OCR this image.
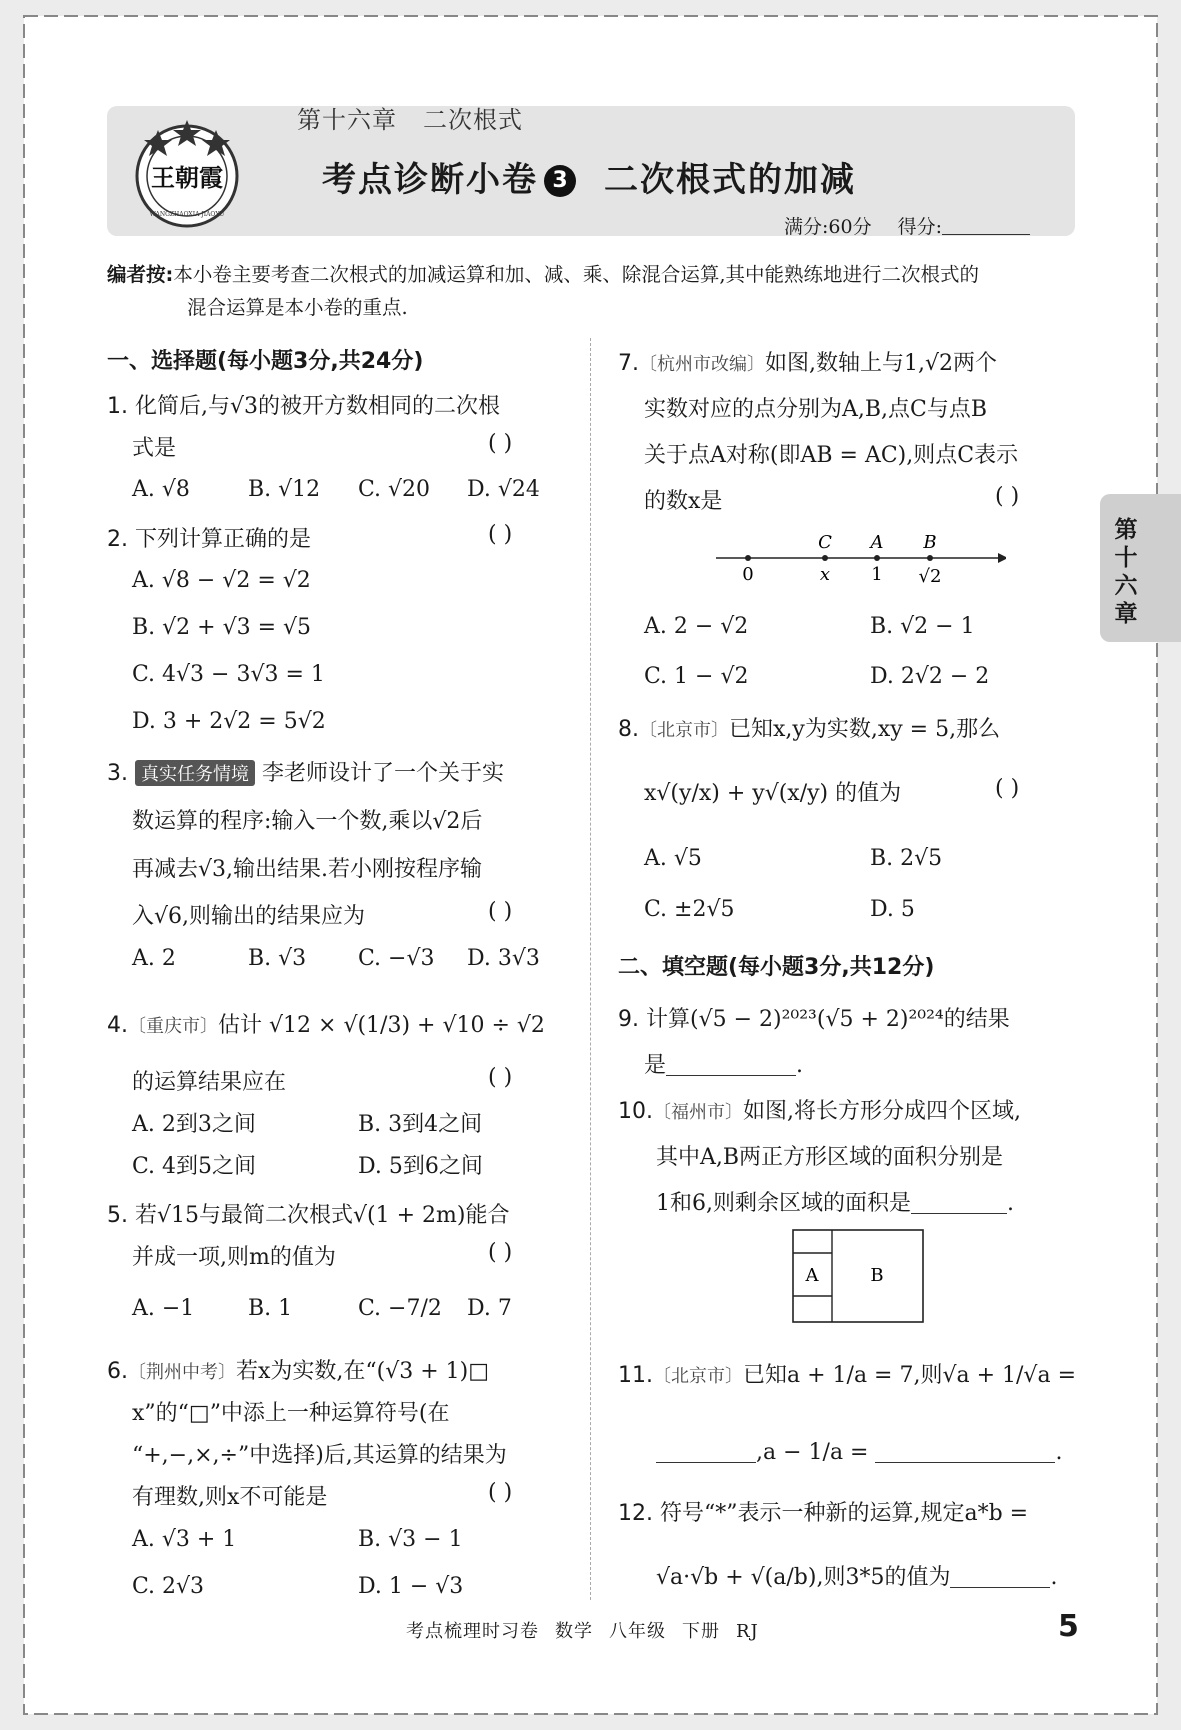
王朝霞
WANGZHAOXIA JIAOYU
第十六章 二次根式
考点诊断小卷 3 二次根式的加减
满分:60分 得分:
编者按:本小卷主要考查二次根式的加减运算和加、减、乘、除混合运算,其中能熟练地进行二次根式的
混合运算是本小卷的重点.
一、选择题(每小题3分,共24分)
1. 化简后,与√3的被开方数相同的二次根
式是	( )
A. √8	B. √12 C. √20 D. √24
2. 下列计算正确的是	( )
A. √8 − √2 = √2
B. √2 + √3 = √5
C. 4√3 − 3√3 = 1
D. 3 + 2√2 = 5√2
3. 真实任务情境 李老师设计了一个关于实
数运算的程序:输入一个数,乘以√2后
再减去√3,输出结果.若小刚按程序输
入√6,则输出的结果应为	( )
A. 2	B. √3 C. −√3 D. 3√3
4.〔重庆市〕估计 √12 × √(1/3) + √10 ÷ √2
的运算结果应在	( )
A. 2到3之间	B. 3到4之间
C. 4到5之间	D. 5到6之间
5. 若√15与最简二次根式√(1 + 2m)能合
并成一项,则m的值为	( )
A. −1 B. 1	C. −7/2 D. 7
6.〔荆州中考〕若x为实数,在“(√3 + 1)□
x”的“□”中添上一种运算符号(在
“+,−,×,÷”中选择)后,其运算的结果为
有理数,则x不可能是	( )
A. √3 + 1	B. √3 − 1
C. 2√3	D. 1 − √3
7.〔杭州市改编〕如图,数轴上与1,√2两个
实数对应的点分别为A,B,点C与点B
关于点A对称(即AB = AC),则点C表示
的数x是	( )
C A B
0	x 1 √2
A. 2 − √2	B. √2 − 1
C. 1 − √2	D. 2√2 − 2
8.〔北京市〕已知x,y为实数,xy = 5,那么
x√(y/x) + y√(x/y) 的值为	( )
A. √5	B. 2√5
C. ±2√5	D. 5
二、填空题(每小题3分,共12分)
9. 计算(√5 − 2)²⁰²³(√5 + 2)²⁰²⁴的结果
是	.
10.〔福州市〕如图,将长方形分成四个区域,
其中A,B两正方形区域的面积分别是
1和6,则剩余区域的面积是	.
A	B
11.〔北京市〕已知a + 1/a = 7,则√a + 1/√a =
,a − 1/a =	.
12. 符号“*”表示一种新的运算,规定a*b =
√a·√b + √(a/b),则3*5的值为	.
第十六章
考点梳理时习卷 数学 八年级 下册 RJ	5
